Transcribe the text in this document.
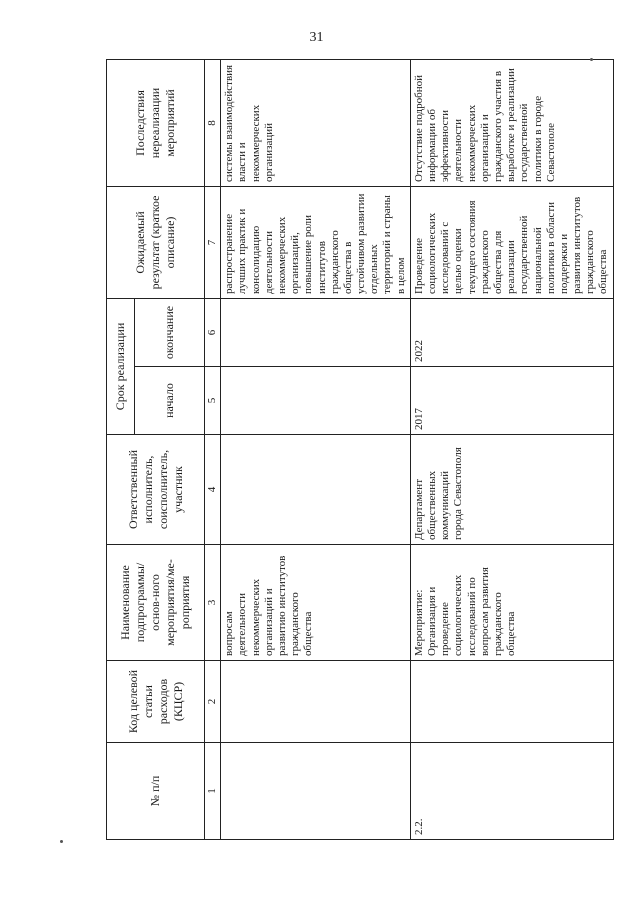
31
№ п/п	Код целевой статьи расходов (КЦСР)	Наименование подпрограммы/основ-ного мероприятия/ме-роприятия	Ответственный исполнитель, соисполнитель, участник	Срок реализации		Ожидаемый результат (краткое описание)	Последствия нереализации мероприятий
				начало	окончание		
1	2	3	4	5	6	7	8
		вопросам деятельности некоммерческих организаций и развитию институтов гражданского общества				распространение лучших практик и консолидацию деятельности некоммерческих организаций, повышение роли институтов гражданского общества в устойчивом развитии отдельных территорий и страны в целом	системы взаимодействия власти и некоммерческих организаций
2.2.		Мероприятие: Организация и проведение социологических исследований по вопросам развития гражданского общества	Департамент общественных коммуникаций города Севастополя	2017	2022	Проведение социологических исследований с целью оценки текущего состояния гражданского общества для реализации государственной национальной политики в области поддержки и развития институтов гражданского общества	Отсутствие подробной информации об эффективности деятельности некоммерческих организаций и гражданского участия в выработке и реализации государственной политики в городе Севастополе
